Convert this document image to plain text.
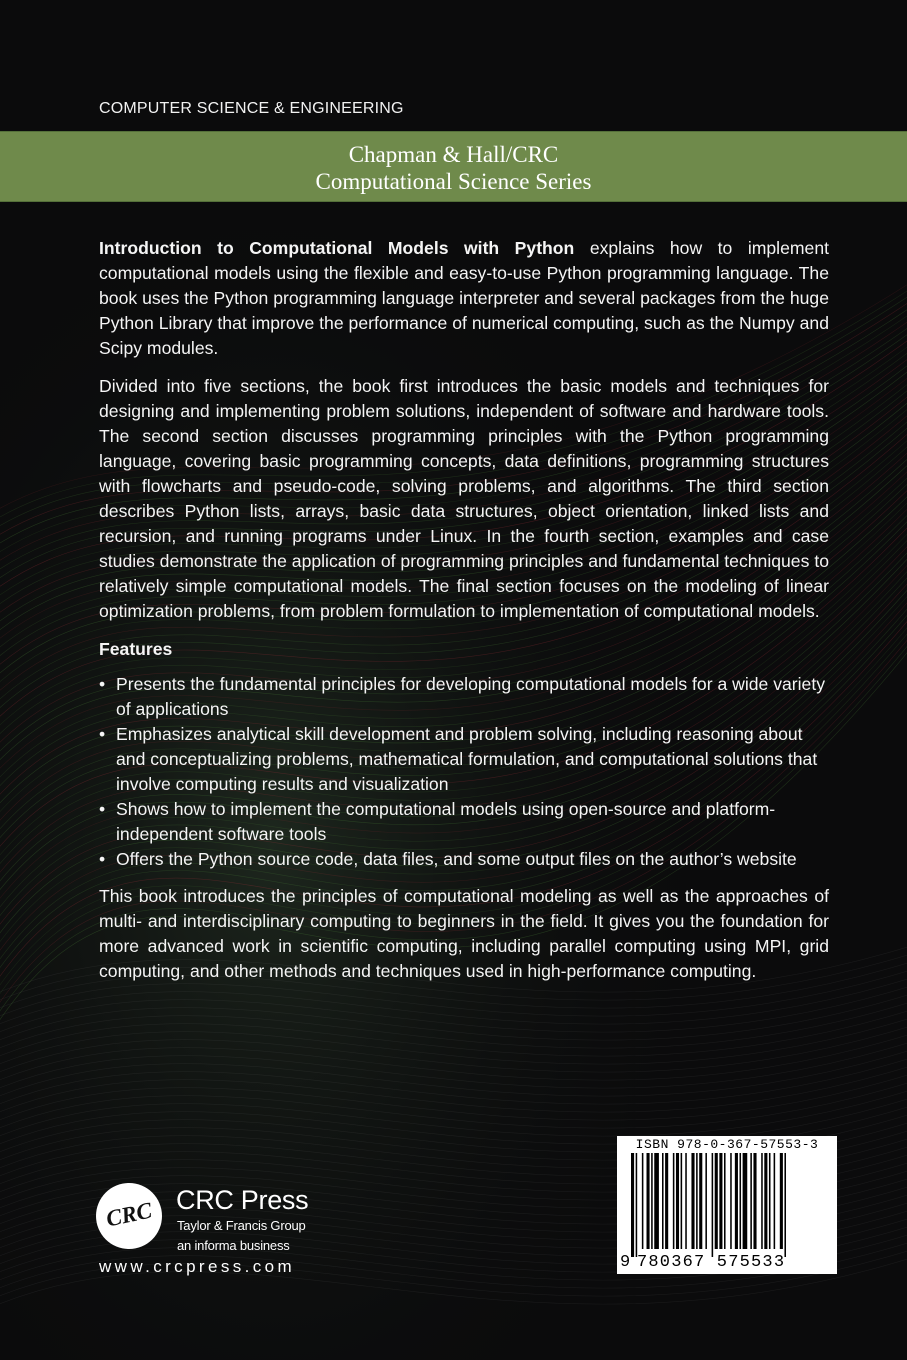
COMPUTER SCIENCE & ENGINEERING
Chapman & Hall/CRC
Computational Science Series

Introduction to Computational Models with Python explains how to implement computational models using the flexible and easy-to-use Python programming language. The book uses the Python programming language interpreter and several packages from the huge Python Library that improve the performance of numerical computing, such as the Numpy and Scipy modules.

Divided into five sections, the book first introduces the basic models and techniques for designing and implementing problem solutions, independent of software and hardware tools. The second section discusses programming principles with the Python programming language, covering basic programming concepts, data definitions, programming structures with flowcharts and pseudo-code, solving problems, and algorithms. The third section describes Python lists, arrays, basic data structures, object orientation, linked lists and recursion, and running programs under Linux. In the fourth section, examples and case studies demonstrate the application of programming principles and fundamental techniques to relatively simple computational models. The final section focuses on the modeling of linear optimization problems, from problem formulation to implementation of computational models.

Features
• Presents the fundamental principles for developing computational models for a wide variety of applications
• Emphasizes analytical skill development and problem solving, including reasoning about and conceptualizing problems, mathematical formulation, and computational solutions that involve computing results and visualization
• Shows how to implement the computational models using open-source and platform-independent software tools
• Offers the Python source code, data files, and some output files on the author’s website

This book introduces the principles of computational modeling as well as the approaches of multi- and interdisciplinary computing to beginners in the field. It gives you the foundation for more advanced work in scientific computing, including parallel computing using MPI, grid computing, and other methods and techniques used in high-performance computing.

CRC CRC Press
Taylor & Francis Group
an informa business
www.crcpress.com
ISBN 978-0-367-57553-3
9 780367 575533
